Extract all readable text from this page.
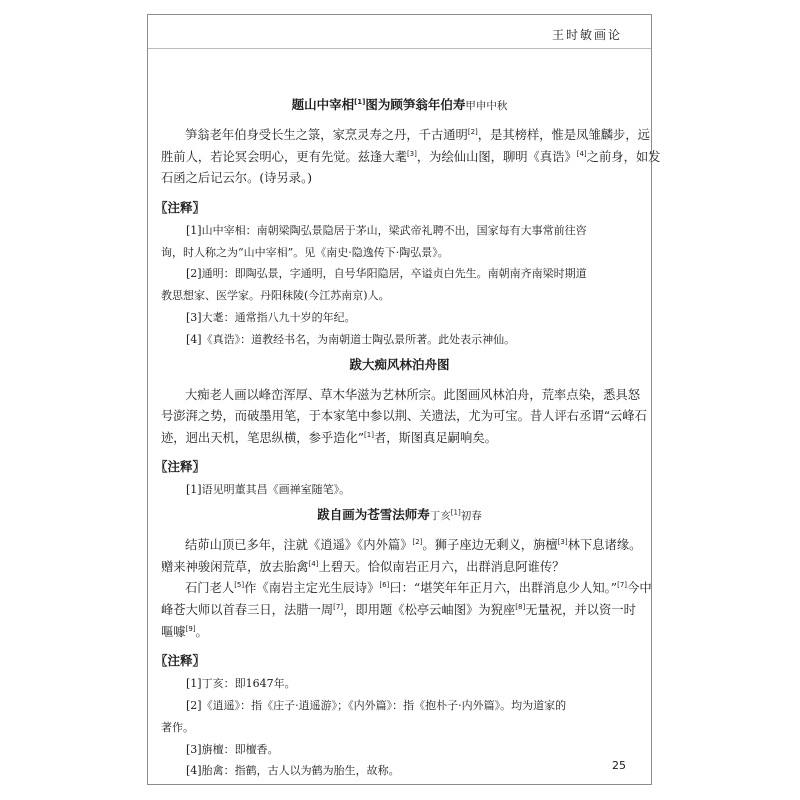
王时敏画论
题山中宰相[1]图为顾笋翁年伯寿甲申中秋
笋翁老年伯身受长生之箓，家烹灵寿之丹，千古通明[2]，是其榜样，惟是凤雏麟步，远
胜前人，若论冥会明心，更有先觉。兹逢大耄[3]，为绘仙山图，聊明《真诰》[4]之前身，如发
石函之后记云尔。(诗另录。)
〖注释〗
[1]山中宰相：南朝梁陶弘景隐居于茅山，梁武帝礼聘不出，国家每有大事常前往咨
询，时人称之为“山中宰相”。见《南史·隐逸传下·陶弘景》。
[2]通明：即陶弘景，字通明，自号华阳隐居，卒谥贞白先生。南朝南齐南梁时期道
教思想家、医学家。丹阳秣陵(今江苏南京)人。
[3]大耄：通常指八九十岁的年纪。
[4]《真诰》：道教经书名，为南朝道士陶弘景所著。此处表示神仙。
跋大痴风林泊舟图
大痴老人画以峰峦浑厚、草木华滋为艺林所宗。此图画风林泊舟，荒率点染，悉具怒
号澎湃之势，而破墨用笔，于本家笔中参以荆、关遗法，尤为可宝。昔人评右丞谓“云峰石
迹，迥出天机，笔思纵横，参乎造化”[1]者，斯图真足嗣响矣。
〖注释〗
[1]语见明董其昌《画禅室随笔》。
跋自画为苍雪法师寿丁亥[1]初春
结茆山顶已多年，注就《逍遥》《内外篇》[2]。狮子座边无剩义，旃檀[3]林下息诸缘。
赠来神骏闲荒草，放去胎禽[4]上碧天。恰似南岩正月六，出群消息阿谁传？
石门老人[5]作《南岩主定光生辰诗》[6]曰：“堪笑年年正月六，出群消息少人知。”[7]今中
峰苍大师以首春三日，法腊一周[7]，即用题《松亭云岫图》为猊座[8]无量祝，并以资一时
嘔噱[9]。
〖注释〗
[1]丁亥：即1647年。
[2]《逍遥》：指《庄子·逍遥游》；《内外篇》：指《抱朴子·内外篇》。均为道家的
著作。
[3]旃檀：即檀香。
[4]胎禽：指鹤，古人以为鹤为胎生，故称。	25
